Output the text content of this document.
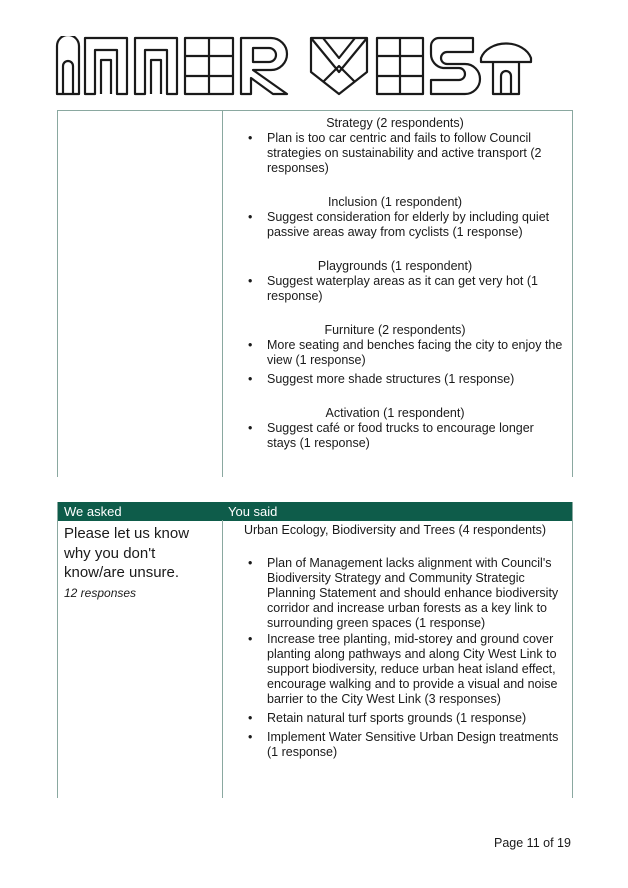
Strategy (2 respondents)
• Plan is too car centric and fails to follow Council strategies on sustainability and active transport (2 responses)
Inclusion (1 respondent)
• Suggest consideration for elderly by including quiet passive areas away from cyclists (1 response)
Playgrounds (1 respondent)
• Suggest waterplay areas as it can get very hot (1 response)
Furniture (2 respondents)
• More seating and benches facing the city to enjoy the view (1 response)
• Suggest more shade structures (1 response)
Activation (1 respondent)
• Suggest café or food trucks to encourage longer stays (1 response)
We asked	You said
Please let us know why you don't know/are unsure.
12 responses
Urban Ecology, Biodiversity and Trees (4 respondents)
• Plan of Management lacks alignment with Council's Biodiversity Strategy and Community Strategic Planning Statement and should enhance biodiversity corridor and increase urban forests as a key link to surrounding green spaces (1 response)
• Increase tree planting, mid-storey and ground cover planting along pathways and along City West Link to support biodiversity, reduce urban heat island effect, encourage walking and to provide a visual and noise barrier to the City West Link (3 responses)
• Retain natural turf sports grounds (1 response)
• Implement Water Sensitive Urban Design treatments (1 response)
Page 11 of 19
